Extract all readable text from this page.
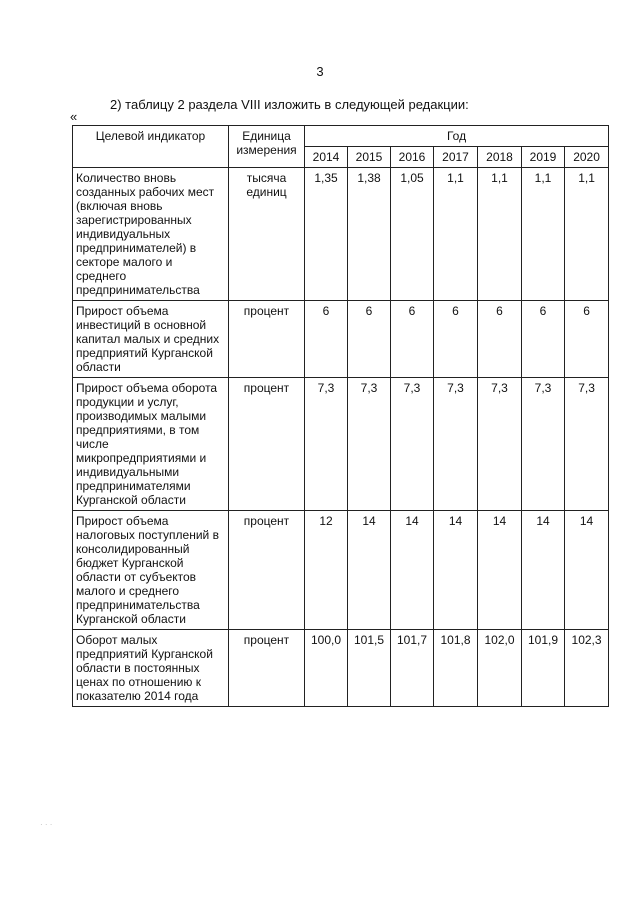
3
2) таблицу 2 раздела VIII изложить в следующей редакции:
«
Целевой индикатор	Единица измерения	Год						
		2014	2015	2016	2017	2018	2019	2020
Количество вновь созданных рабочих мест (включая вновь зарегистрированных индивидуальных предпринимателей) в секторе малого и среднего предпринимательства	тысяча единиц	1,35	1,38	1,05	1,1	1,1	1,1	1,1
Прирост объема инвестиций в основной капитал малых и средних предприятий Курганской области	процент	6	6	6	6	6	6	6
Прирост объема оборота продукции и услуг, производимых малыми предприятиями, в том числе микропредприятиями и индивидуальными предпринимателями Курганской области	процент	7,3	7,3	7,3	7,3	7,3	7,3	7,3
Прирост объема налоговых поступлений в консолидированный бюджет Курганской области от субъектов малого и среднего предпринимательства Курганской области	процент	12	14	14	14	14	14	14
Оборот малых предприятий Курганской области в постоянных ценах по отношению к показателю 2014 года	процент	100,0	101,5	101,7	101,8	102,0	101,9	102,3
· · ·
